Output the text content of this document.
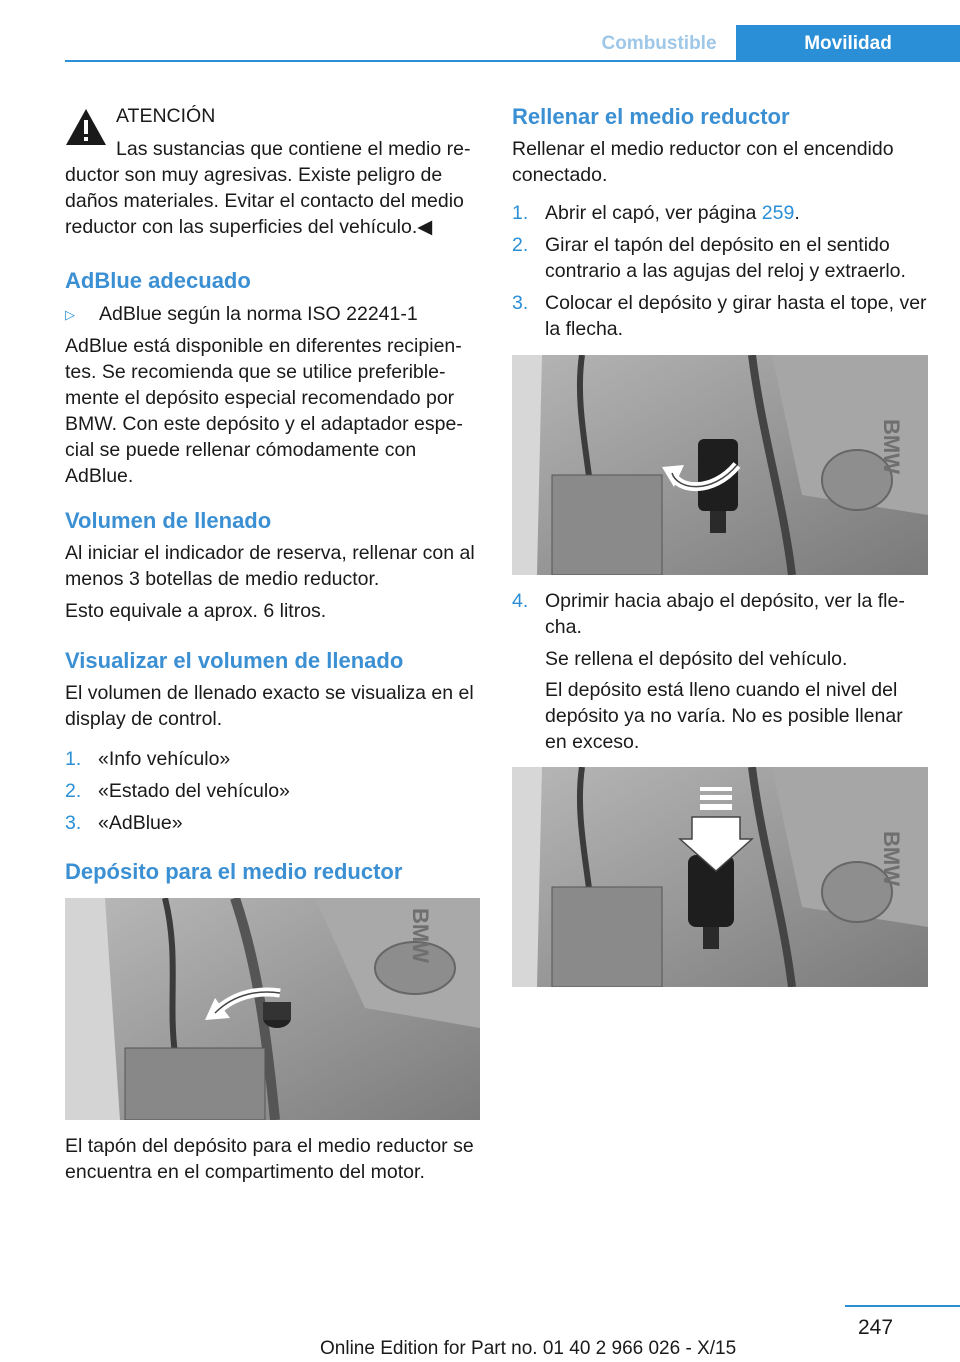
Combustible	Movilidad
ATENCIÓN

Las sustancias que contiene el medio reductor son muy agresivas. Existe peligro de daños materiales. Evitar el contacto del medio reductor con las superficies del vehículo.◀

AdBlue adecuado
▷ AdBlue según la norma ISO 22241-1

AdBlue está disponible en diferentes recipientes. Se recomienda que se utilice preferiblemente el depósito especial recomendado por BMW. Con este depósito y el adaptador especial se puede rellenar cómodamente con AdBlue.

Volumen de llenado

Al iniciar el indicador de reserva, rellenar con al menos 3 botellas de medio reductor.

Esto equivale a aprox. 6 litros.

Visualizar el volumen de llenado

El volumen de llenado exacto se visualiza en el display de control.

1. «Info vehículo»
2. «Estado del vehículo»
3. «AdBlue»
Depósito para el medio reductor
BMW

El tapón del depósito para el medio reductor se encuentra en el compartimento del motor.

Rellenar el medio reductor

Rellenar el medio reductor con el encendido conectado.

1. Abrir el capó, ver página 259.
2. Girar el tapón del depósito en el sentido contrario a las agujas del reloj y extraerlo.
3. Colocar el depósito y girar hasta el tope, ver la flecha.
BMW
4. Oprimir hacia abajo el depósito, ver la flecha.

Se rellena el depósito del vehículo.

El depósito está lleno cuando el nivel del depósito ya no varía. No es posible llenar en exceso.

BMW
247
Online Edition for Part no. 01 40 2 966 026 - X/15
